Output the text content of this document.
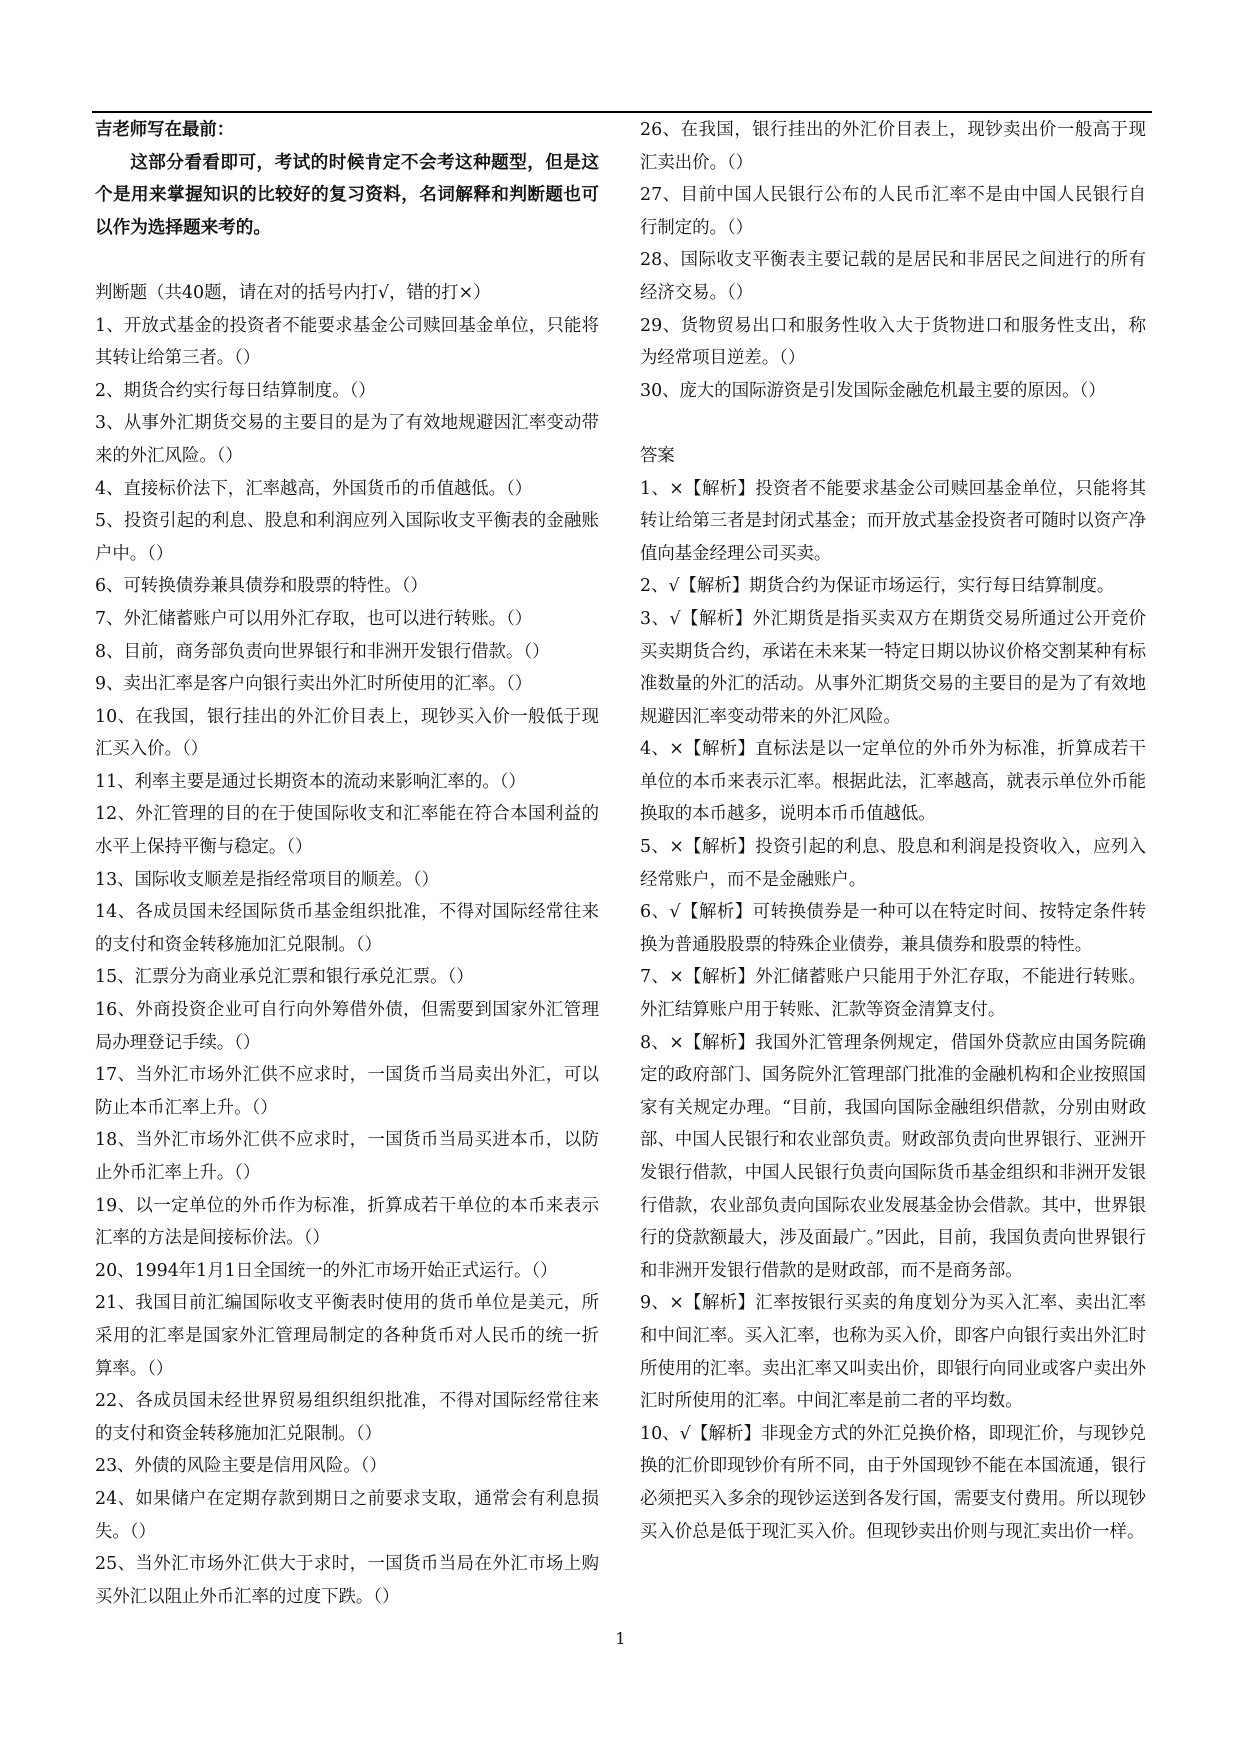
吉老师写在最前：

这部分看看即可，考试的时候肯定不会考这种题型，但是这个是用来掌握知识的比较好的复习资料，名词解释和判断题也可以作为选择题来考的。

判断题（共40题，请在对的括号内打√，错的打×）

1、开放式基金的投资者不能要求基金公司赎回基金单位，只能将其转让给第三者。（）

2、期货合约实行每日结算制度。（）

3、从事外汇期货交易的主要目的是为了有效地规避因汇率变动带来的外汇风险。（）

4、直接标价法下，汇率越高，外国货币的币值越低。（）

5、投资引起的利息、股息和利润应列入国际收支平衡表的金融账户中。（）

6、可转换债券兼具债券和股票的特性。（）

7、外汇储蓄账户可以用外汇存取，也可以进行转账。（）

8、目前，商务部负责向世界银行和非洲开发银行借款。（）

9、卖出汇率是客户向银行卖出外汇时所使用的汇率。（）

10、在我国，银行挂出的外汇价目表上，现钞买入价一般低于现汇买入价。（）

11、利率主要是通过长期资本的流动来影响汇率的。（）

12、外汇管理的目的在于使国际收支和汇率能在符合本国利益的水平上保持平衡与稳定。（）

13、国际收支顺差是指经常项目的顺差。（）

14、各成员国未经国际货币基金组织批准，不得对国际经常往来的支付和资金转移施加汇兑限制。（）

15、汇票分为商业承兑汇票和银行承兑汇票。（）

16、外商投资企业可自行向外筹借外债，但需要到国家外汇管理局办理登记手续。（）

17、当外汇市场外汇供不应求时，一国货币当局卖出外汇，可以防止本币汇率上升。（）

18、当外汇市场外汇供不应求时，一国货币当局买进本币，以防止外币汇率上升。（）

19、以一定单位的外币作为标准，折算成若干单位的本币来表示汇率的方法是间接标价法。（）

20、1994年1月1日全国统一的外汇市场开始正式运行。（）

21、我国目前汇编国际收支平衡表时使用的货币单位是美元，所采用的汇率是国家外汇管理局制定的各种货币对人民币的统一折算率。（）

22、各成员国未经世界贸易组织组织批准，不得对国际经常往来的支付和资金转移施加汇兑限制。（）

23、外债的风险主要是信用风险。（）

24、如果储户在定期存款到期日之前要求支取，通常会有利息损失。（）

25、当外汇市场外汇供大于求时，一国货币当局在外汇市场上购买外汇以阻止外币汇率的过度下跌。（）

26、在我国，银行挂出的外汇价目表上，现钞卖出价一般高于现汇卖出价。（）

27、目前中国人民银行公布的人民币汇率不是由中国人民银行自行制定的。（）

28、国际收支平衡表主要记载的是居民和非居民之间进行的所有经济交易。（）

29、货物贸易出口和服务性收入大于货物进口和服务性支出，称为经常项目逆差。（）

30、庞大的国际游资是引发国际金融危机最主要的原因。（）

答案

1、×【解析】投资者不能要求基金公司赎回基金单位，只能将其转让给第三者是封闭式基金；而开放式基金投资者可随时以资产净值向基金经理公司买卖。

2、√【解析】期货合约为保证市场运行，实行每日结算制度。

3、√【解析】外汇期货是指买卖双方在期货交易所通过公开竞价买卖期货合约，承诺在未来某一特定日期以协议价格交割某种有标准数量的外汇的活动。从事外汇期货交易的主要目的是为了有效地规避因汇率变动带来的外汇风险。

4、×【解析】直标法是以一定单位的外币外为标准，折算成若干单位的本币来表示汇率。根据此法，汇率越高，就表示单位外币能换取的本币越多，说明本币币值越低。

5、×【解析】投资引起的利息、股息和利润是投资收入，应列入经常账户，而不是金融账户。

6、√【解析】可转换债券是一种可以在特定时间、按特定条件转换为普通股股票的特殊企业债券，兼具债券和股票的特性。

7、×【解析】外汇储蓄账户只能用于外汇存取，不能进行转账。外汇结算账户用于转账、汇款等资金清算支付。

8、×【解析】我国外汇管理条例规定，借国外贷款应由国务院确定的政府部门、国务院外汇管理部门批准的金融机构和企业按照国家有关规定办理。“目前，我国向国际金融组织借款，分别由财政部、中国人民银行和农业部负责。财政部负责向世界银行、亚洲开发银行借款，中国人民银行负责向国际货币基金组织和非洲开发银行借款，农业部负责向国际农业发展基金协会借款。其中，世界银行的贷款额最大，涉及面最广。”因此，目前，我国负责向世界银行和非洲开发银行借款的是财政部，而不是商务部。

9、×【解析】汇率按银行买卖的角度划分为买入汇率、卖出汇率和中间汇率。买入汇率，也称为买入价，即客户向银行卖出外汇时所使用的汇率。卖出汇率又叫卖出价，即银行向同业或客户卖出外汇时所使用的汇率。中间汇率是前二者的平均数。

10、√【解析】非现金方式的外汇兑换价格，即现汇价，与现钞兑换的汇价即现钞价有所不同，由于外国现钞不能在本国流通，银行必须把买入多余的现钞运送到各发行国，需要支付费用。所以现钞买入价总是低于现汇买入价。但现钞卖出价则与现汇卖出价一样。

1
